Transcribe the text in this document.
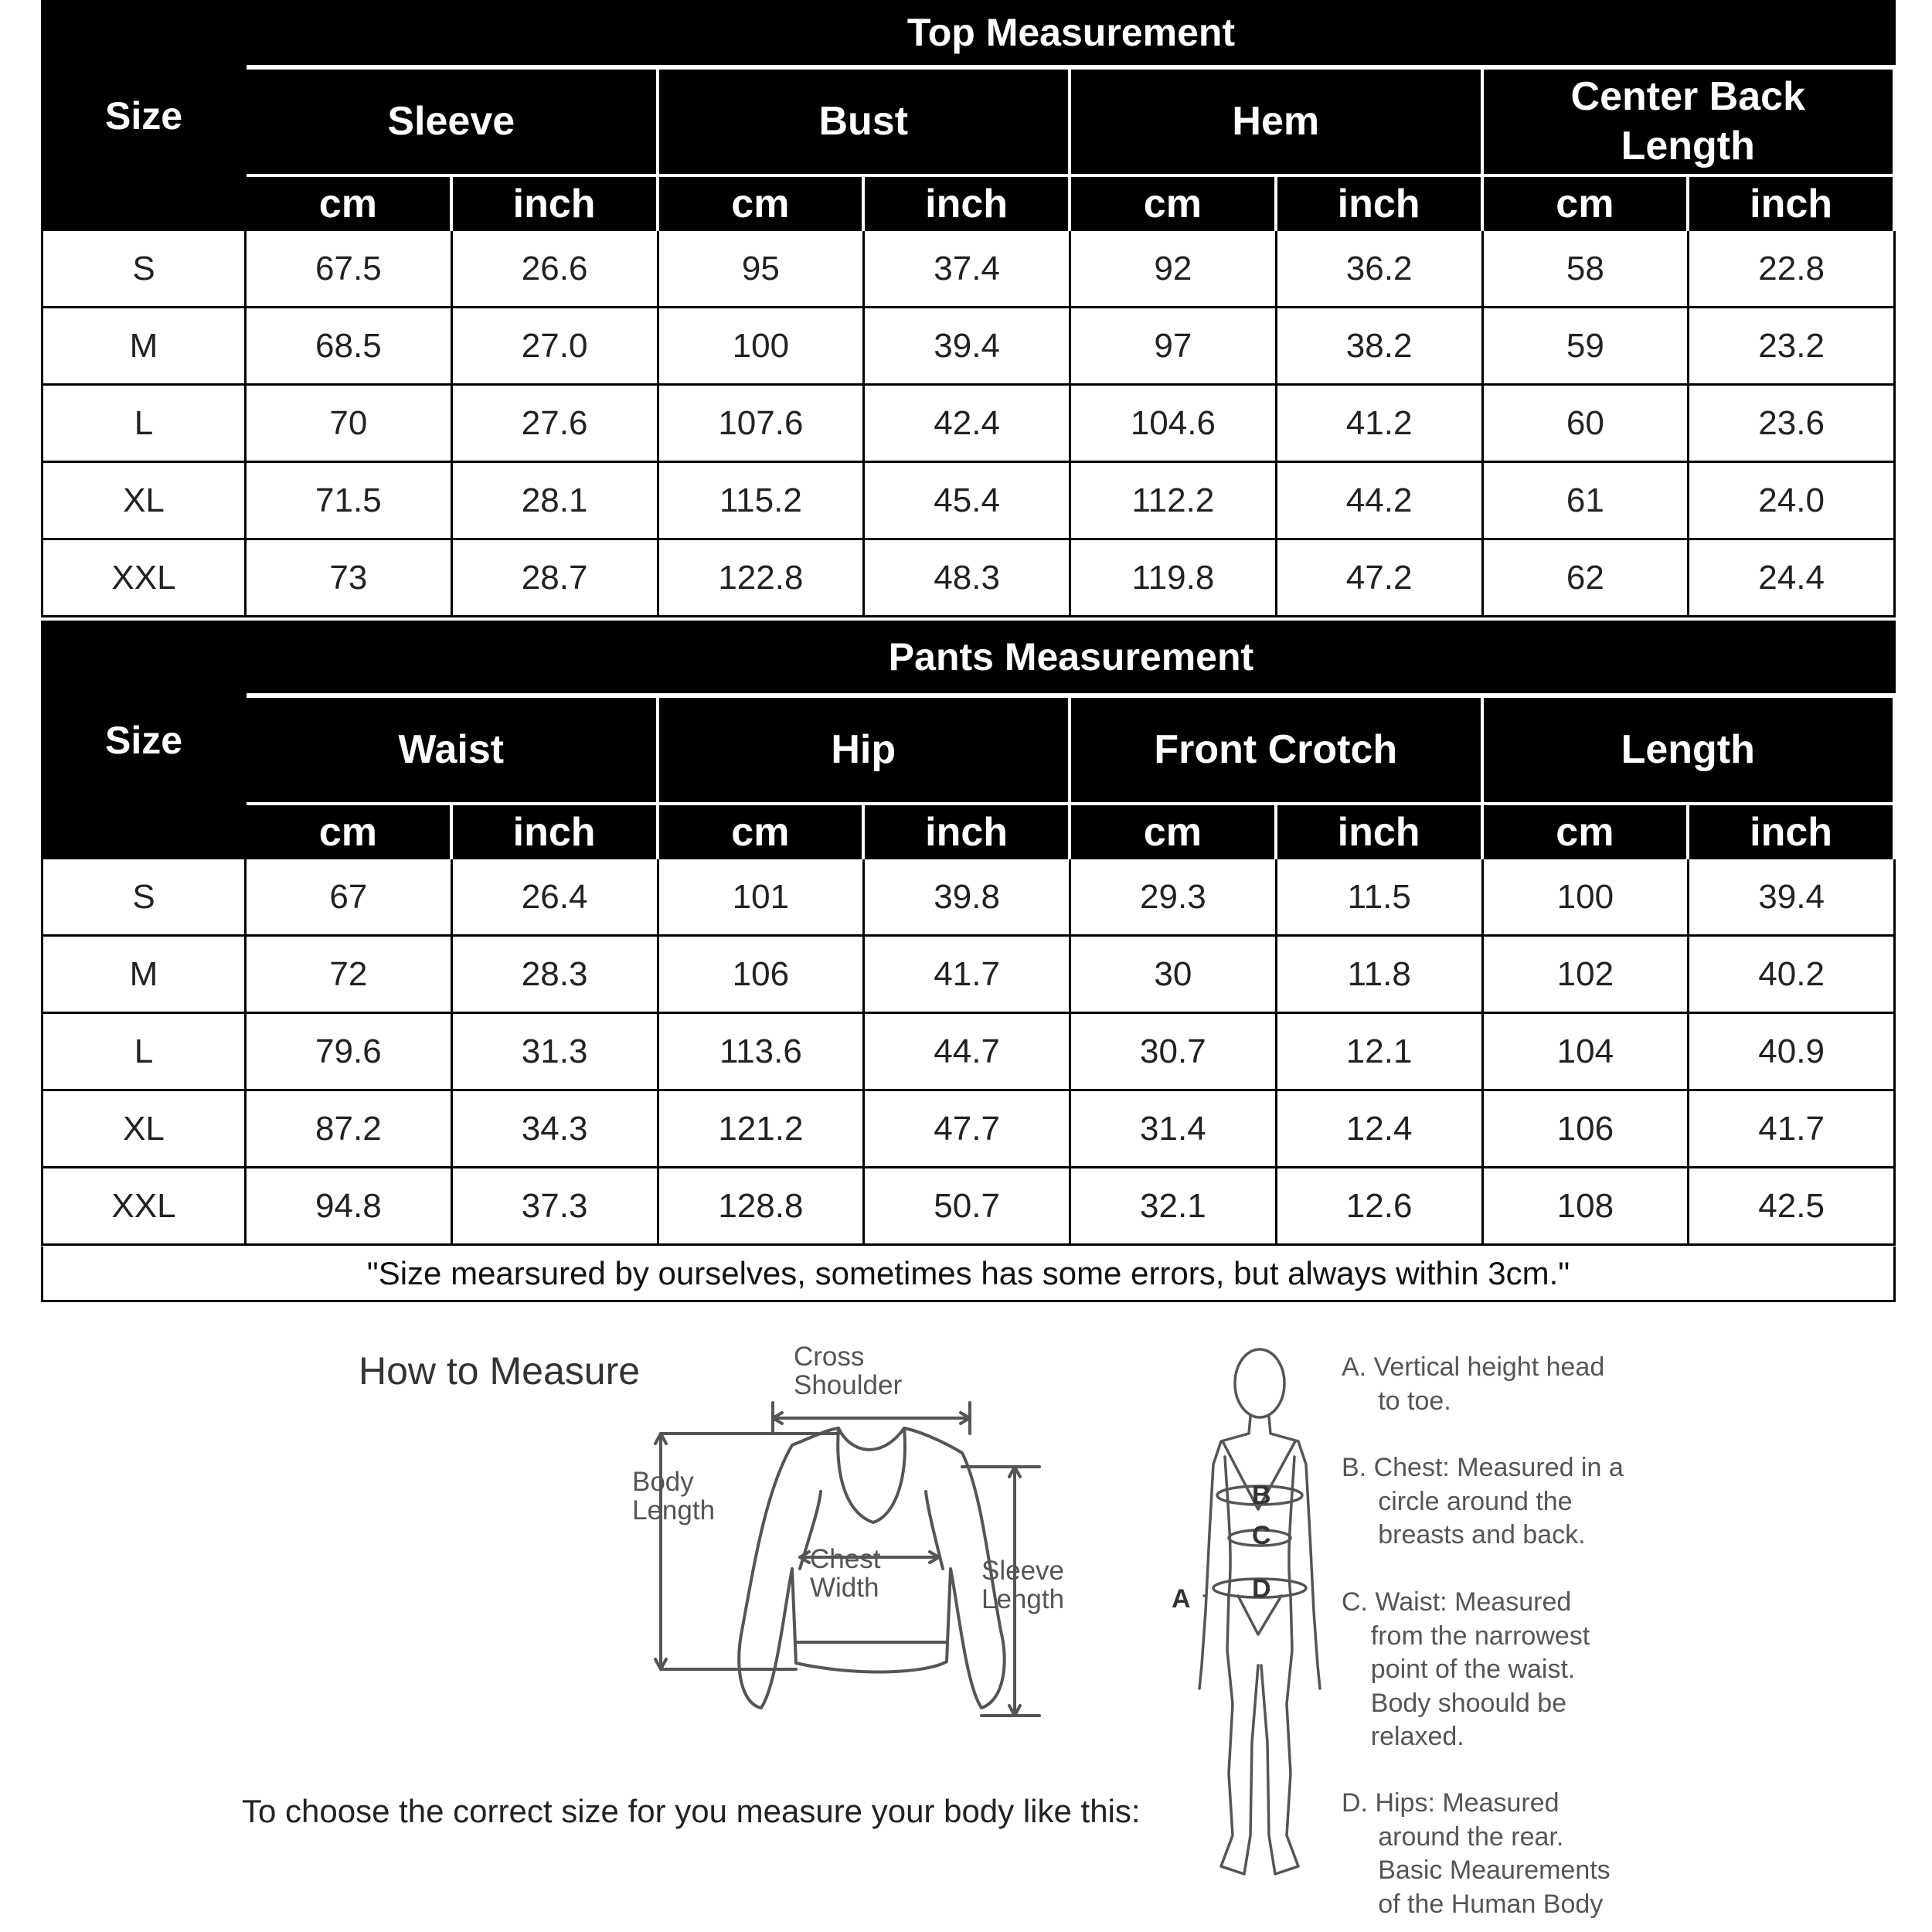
Size
Top Measurement
Sleeve	Bust	Hem
Center Back
Length
cm	inch	cm	inch	cm	inch	cm	inch
S	67.5	26.6	95	37.4	92	36.2	58	22.8
M	68.5	27.0	100	39.4	97	38.2	59	23.2
L	70	27.6	107.6	42.4	104.6	41.2	60	23.6
XL	71.5	28.1	115.2	45.4	112.2	44.2	61	24.0
XXL	73	28.7	122.8	48.3	119.8	47.2	62	24.4
Size
Pants Measurement
Waist	Hip	Front Crotch	Length
cm	inch	cm	inch	cm	inch	cm	inch
S	67	26.4	101	39.8	29.3	11.5	100	39.4
M	72	28.3	106	41.7	30	11.8	102	40.2
L	79.6	31.3	113.6	44.7	30.7	12.1	104	40.9
XL	87.2	34.3	121.2	47.7	31.4	12.4	106	41.7
XXL	94.8	37.3	128.8	50.7	32.1	12.6	108	42.5
"Size mearsured by ourselves, sometimes has some errors, but always within 3cm."
How to Measure	Cross
Shoulder
Body
Length
Chest
Width
Sleeve
Length
To choose the correct size for you measure your body like this:
B
C
D
A
A. Vertical height head
to toe.
B. Chest: Measured in a
circle around the
breasts and back.
C. Waist: Measured
from the narrowest
point of the waist.
Body shoould be
relaxed.
D. Hips: Measured
around the rear.
Basic Meaurements
of the Human Body
